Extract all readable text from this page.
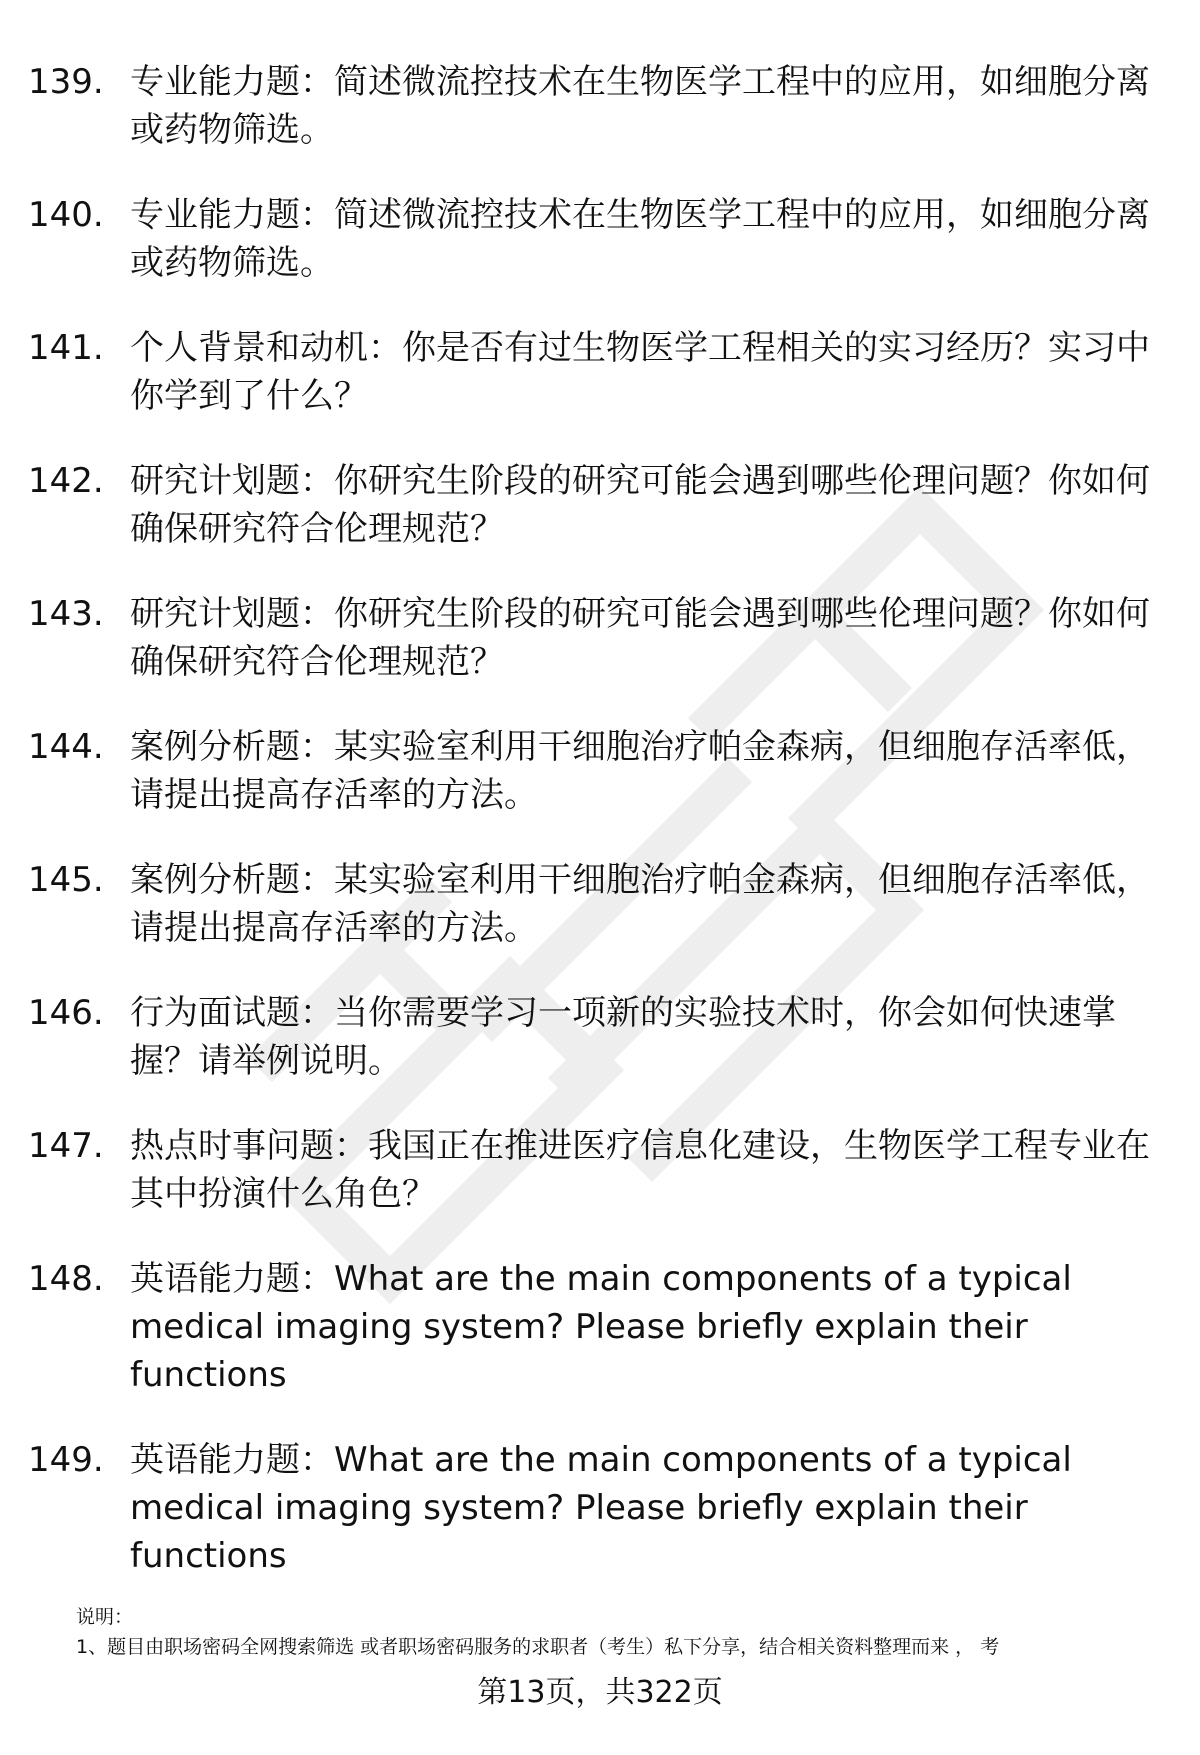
139. 专业能力题：简述微流控技术在生物医学工程中的应用，如细胞分离或药物筛选。
140. 专业能力题：简述微流控技术在生物医学工程中的应用，如细胞分离或药物筛选。
141. 个人背景和动机：你是否有过生物医学工程相关的实习经历？实习中你学到了什么？
142. 研究计划题：你研究生阶段的研究可能会遇到哪些伦理问题？你如何确保研究符合伦理规范？
143. 研究计划题：你研究生阶段的研究可能会遇到哪些伦理问题？你如何确保研究符合伦理规范？
144. 案例分析题：某实验室利用干细胞治疗帕金森病，但细胞存活率低，请提出提高存活率的方法。
145. 案例分析题：某实验室利用干细胞治疗帕金森病，但细胞存活率低，请提出提高存活率的方法。
146. 行为面试题：当你需要学习一项新的实验技术时，你会如何快速掌握？请举例说明。
147. 热点时事问题：我国正在推进医疗信息化建设，生物医学工程专业在其中扮演什么角色？
148. 英语能力题：What are the main components of a typical medical imaging system? Please briefly explain their functions
149. 英语能力题：What are the main components of a typical medical imaging system? Please briefly explain their functions
说明：
1、题目由职场密码全网搜索筛选 或者职场密码服务的求职者（考生）私下分享，结合相关资料整理而来 ， 考
第13页，共322页
